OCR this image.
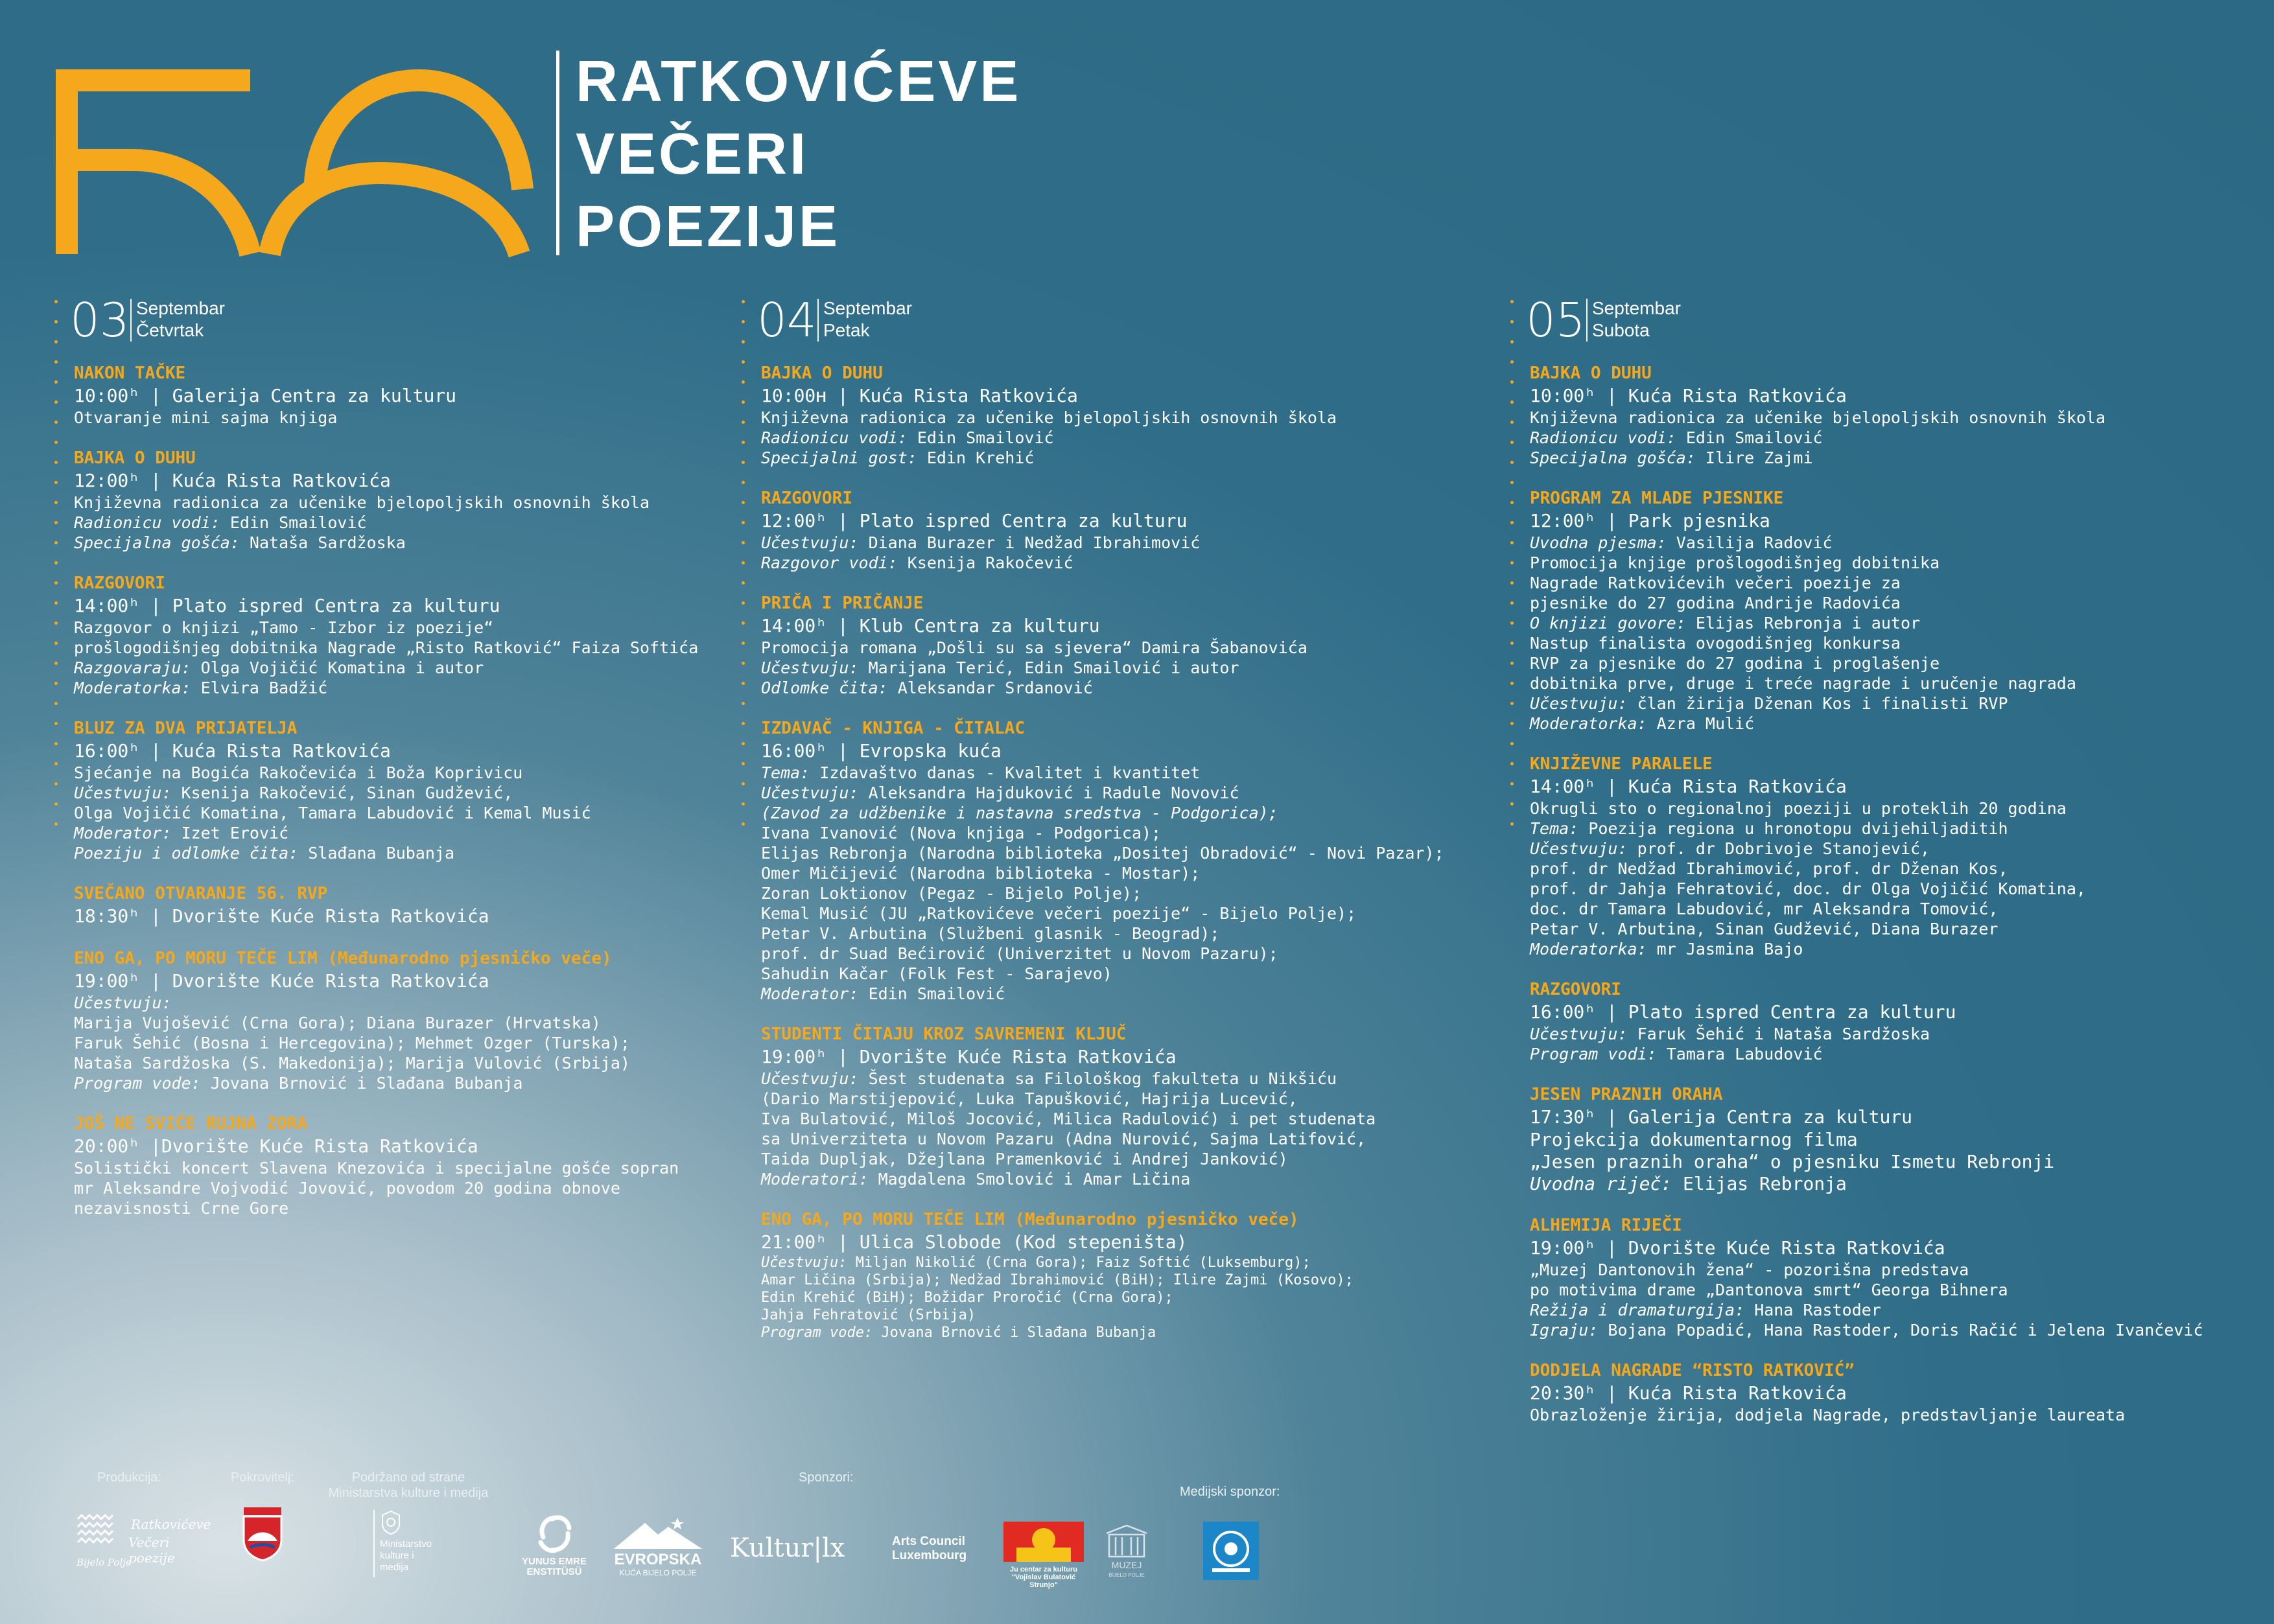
RATKOVIĆEVE
VEČERI
POEZIJE
03 Septembar
Četvrtak
NAKON TAČKE
10:00ʰ | Galerija Centra za kulturu
Otvaranje mini sajma knjiga
BAJKA O DUHU
12:00ʰ | Kuća Rista Ratkovića
Književna radionica za učenike bjelopoljskih osnovnih škola
Radionicu vodi: Edin Smailović
Specijalna gošća: Nataša Sardžoska
RAZGOVORI
14:00ʰ | Plato ispred Centra za kulturu
Razgovor o knjizi „Tamo - Izbor iz poezije“
prošlogodišnjeg dobitnika Nagrade „Risto Ratković“ Faiza Softića
Razgovaraju: Olga Vojičić Komatina i autor
Moderatorka: Elvira Badžić
BLUZ ZA DVA PRIJATELJA
16:00ʰ | Kuća Rista Ratkovića
Sjećanje na Bogića Rakočevića i Boža Koprivicu
Učestvuju: Ksenija Rakočević, Sinan Gudžević,
Olga Vojičić Komatina, Tamara Labudović i Kemal Musić
Moderator: Izet Erović
Poeziju i odlomke čita: Slađana Bubanja
SVEČANO OTVARANJE 56. RVP
18:30ʰ | Dvorište Kuće Rista Ratkovića
ENO GA, PO MORU TEČE LIM (Međunarodno pjesničko veče)
19:00ʰ | Dvorište Kuće Rista Ratkovića
Učestvuju:
Marija Vujošević (Crna Gora); Diana Burazer (Hrvatska)
Faruk Šehić (Bosna i Hercegovina); Mehmet Ozger (Turska);
Nataša Sardžoska (S. Makedonija); Marija Vulović (Srbija)
Program vode: Jovana Brnović i Slađana Bubanja
JOŠ NE SVIĆE RUJNA ZORA
20:00ʰ |Dvorište Kuće Rista Ratkovića
Solistički koncert Slavena Knezovića i specijalne gošće sopran
mr Aleksandre Vojvodić Jovović, povodom 20 godina obnove
nezavisnosti Crne Gore
04 Septembar
Petak
BAJKA O DUHU
10:00ʜ | Kuća Rista Ratkovića
Književna radionica za učenike bjelopoljskih osnovnih škola
Radionicu vodi: Edin Smailović
Specijalni gost: Edin Krehić
RAZGOVORI
12:00ʰ | Plato ispred Centra za kulturu
Učestvuju: Diana Burazer i Nedžad Ibrahimović
Razgovor vodi: Ksenija Rakočević
PRIČA I PRIČANJE
14:00ʰ | Klub Centra za kulturu
Promocija romana „Došli su sa sjevera“ Damira Šabanovića
Učestvuju: Marijana Terić, Edin Smailović i autor
Odlomke čita: Aleksandar Srdanović
IZDAVAČ - KNJIGA - ČITALAC
16:00ʰ | Evropska kuća
Tema: Izdavaštvo danas - Kvalitet i kvantitet
Učestvuju: Aleksandra Hajduković i Radule Novović
(Zavod za udžbenike i nastavna sredstva - Podgorica);
Ivana Ivanović (Nova knjiga - Podgorica);
Elijas Rebronja (Narodna biblioteka „Dositej Obradović“ - Novi Pazar);
Omer Mičijević (Narodna biblioteka - Mostar);
Zoran Loktionov (Pegaz - Bijelo Polje);
Kemal Musić (JU „Ratkovićeve večeri poezije“ - Bijelo Polje);
Petar V. Arbutina (Službeni glasnik - Beograd);
prof. dr Suad Bećirović (Univerzitet u Novom Pazaru);
Sahudin Kačar (Folk Fest - Sarajevo)
Moderator: Edin Smailović
STUDENTI ČITAJU KROZ SAVREMENI KLJUČ
19:00ʰ | Dvorište Kuće Rista Ratkovića
Učestvuju: Šest studenata sa Filološkog fakulteta u Nikšiću
(Dario Marstijepović, Luka Tapušković, Hajrija Lucević,
Iva Bulatović, Miloš Jocović, Milica Radulović) i pet studenata
sa Univerziteta u Novom Pazaru (Adna Nurović, Sajma Latifović,
Taida Dupljak, Džejlana Pramenković i Andrej Janković)
Moderatori: Magdalena Smolović i Amar Ličina
ENO GA, PO MORU TEČE LIM (Međunarodno pjesničko veče)
21:00ʰ | Ulica Slobode (Kod stepeništa)
Učestvuju: Miljan Nikolić (Crna Gora); Faiz Softić (Luksemburg);
Amar Ličina (Srbija); Nedžad Ibrahimović (BiH); Ilire Zajmi (Kosovo);
Edin Krehić (BiH); Božidar Proročić (Crna Gora);
Jahja Fehratović (Srbija)
Program vode: Jovana Brnović i Slađana Bubanja
05 Septembar
Subota
BAJKA O DUHU
10:00ʰ | Kuća Rista Ratkovića
Književna radionica za učenike bjelopoljskih osnovnih škola
Radionicu vodi: Edin Smailović
Specijalna gošća: Ilire Zajmi
PROGRAM ZA MLADE PJESNIKE
12:00ʰ | Park pjesnika
Uvodna pjesma: Vasilija Radović
Promocija knjige prošlogodišnjeg dobitnika
Nagrade Ratkovićevih večeri poezije za
pjesnike do 27 godina Andrije Radovića
O knjizi govore: Elijas Rebronja i autor
Nastup finalista ovogodišnjeg konkursa
RVP za pjesnike do 27 godina i proglašenje
dobitnika prve, druge i treće nagrade i uručenje nagrada
Učestvuju: član žirija Dženan Kos i finalisti RVP
Moderatorka: Azra Mulić
KNJIŽEVNE PARALELE
14:00ʰ | Kuća Rista Ratkovića
Okrugli sto o regionalnoj poeziji u proteklih 20 godina
Tema: Poezija regiona u hronotopu dvijehiljaditih
Učestvuju: prof. dr Dobrivoje Stanojević,
prof. dr Nedžad Ibrahimović, prof. dr Dženan Kos,
prof. dr Jahja Fehratović, doc. dr Olga Vojičić Komatina,
doc. dr Tamara Labudović, mr Aleksandra Tomović,
Petar V. Arbutina, Sinan Gudžević, Diana Burazer
Moderatorka: mr Jasmina Bajo
RAZGOVORI
16:00ʰ | Plato ispred Centra za kulturu
Učestvuju: Faruk Šehić i Nataša Sardžoska
Program vodi: Tamara Labudović
JESEN PRAZNIH ORAHA
17:30ʰ | Galerija Centra za kulturu
Projekcija dokumentarnog filma
„Jesen praznih oraha“ o pjesniku Ismetu Rebronji
Uvodna riječ: Elijas Rebronja
ALHEMIJA RIJEČI
19:00ʰ | Dvorište Kuće Rista Ratkovića
„Muzej Dantonovih žena“ - pozorišna predstava
po motivima drame „Dantonova smrt“ Georga Bihnera
Režija i dramaturgija: Hana Rastoder
Igraju: Bojana Popadić, Hana Rastoder, Doris Račić i Jelena Ivančević
DODJELA NAGRADE “RISTO RATKOVIĆ”
20:30ʰ | Kuća Rista Ratkovića
Obrazloženje žirija, dodjela Nagrade, predstavljanje laureata
Produkcija:	Pokrovitelj:	Podržano od strane
Ministarstva kulture i medija
Sponzori:
Medijski sponzor:
Ratkovićeve
Večeri poezije
Bijelo Polje
Ministarstvo
kulture i
medija
YUNUS EMRE
ENSTITÜSÜ
EVROPSKA
KUĆA BIJELO POLJE
Kultur|lx	Arts Council
Luxembourg
Ju centar za kulturu
"Vojislav Bulatović Strunjo"
MUZEJ
BIJELO POLJE
